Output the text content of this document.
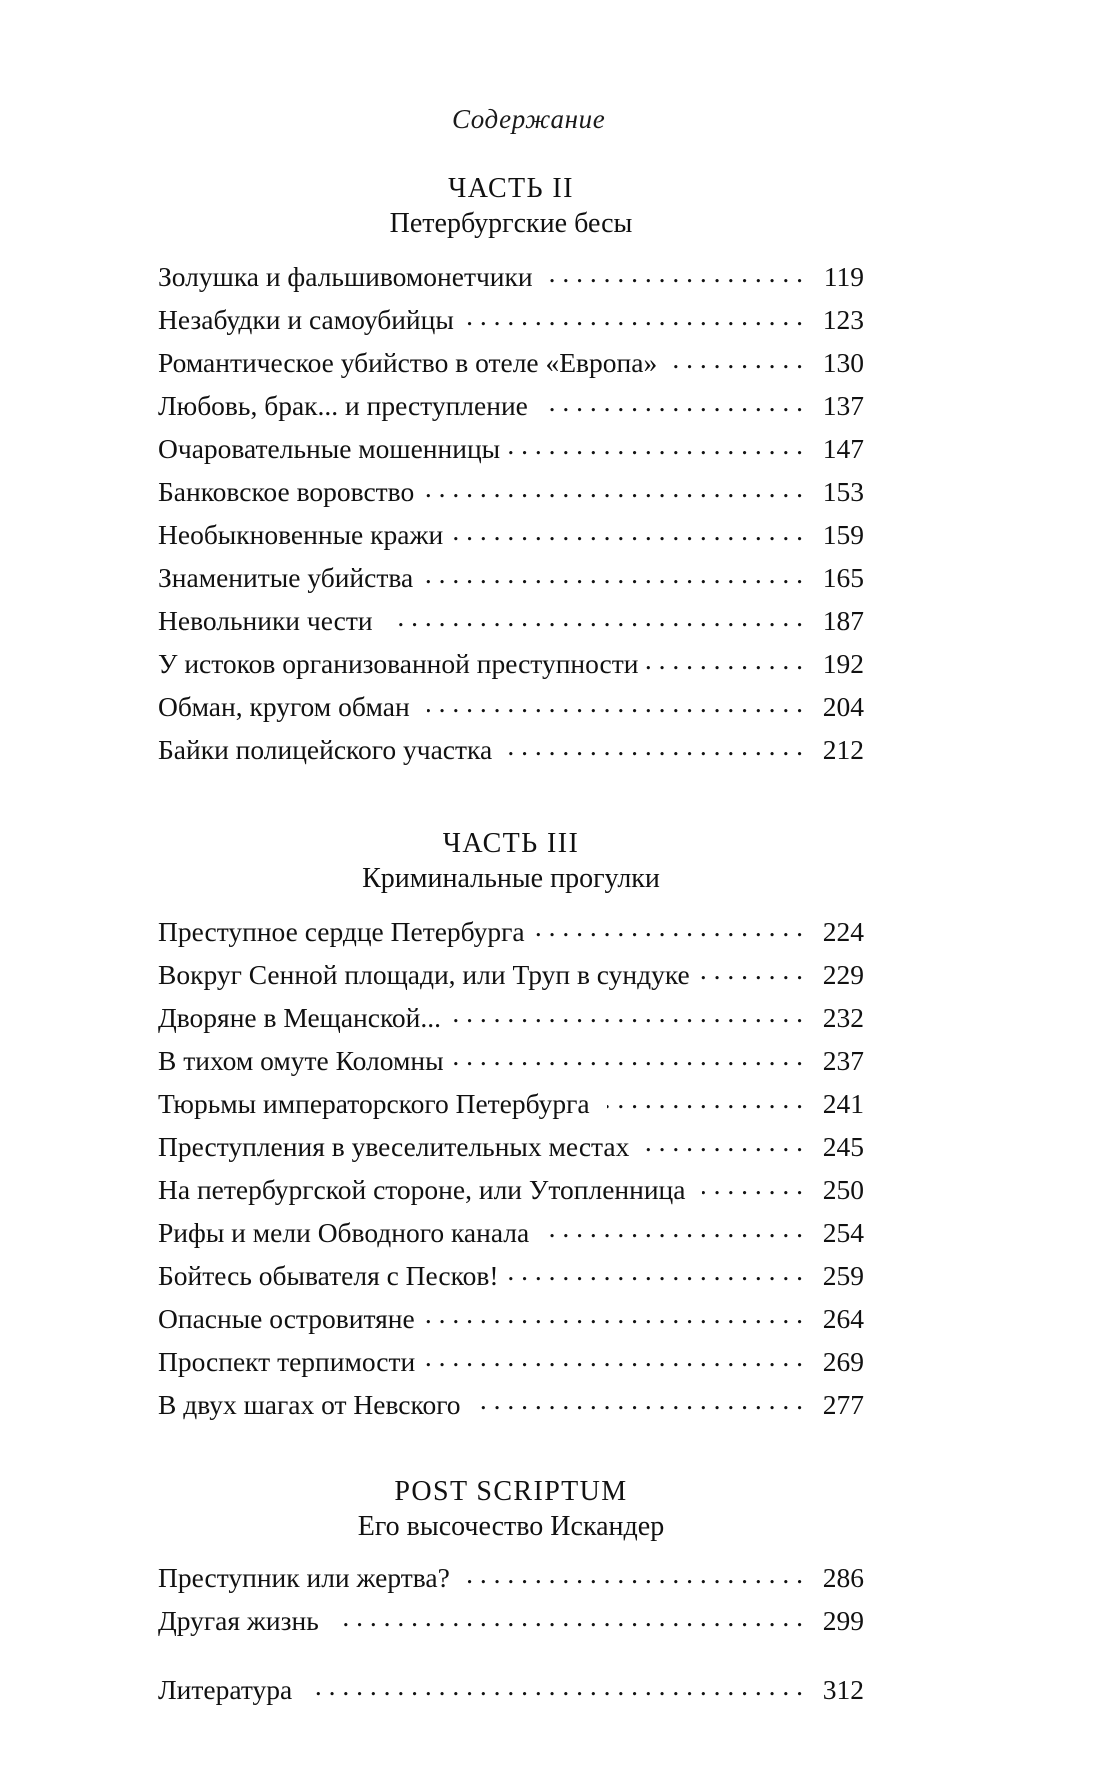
Содержание
ЧАСТЬ II
Петербургские бесы
Золушка и фальшивомонетчики . . .	119
Незабудки и самоубийцы . . .	123
Романтическое убийство в отеле «Европа» . . .	130
Любовь, брак... и преступление . . .	137
Очаровательные мошенницы . . .	147
Банковское воровство . . .	153
Необыкновенные кражи . . .	159
Знаменитые убийства . . .	165
Невольники чести . . .	187
У истоков организованной преступности . . .	192
Обман, кругом обман . . .	204
Байки полицейского участка . . .	212
ЧАСТЬ III
Криминальные прогулки
Преступное сердце Петербурга . . .	224
Вокруг Сенной площади, или Труп в сундуке . . .	229
Дворяне в Мещанской... . . .	232
В тихом омуте Коломны . . .	237
Тюрьмы императорского Петербурга . . .	241
Преступления в увеселительных местах . . .	245
На петербургской стороне, или Утопленница . . .	250
Рифы и мели Обводного канала . . .	254
Бойтесь обывателя с Песков! . . .	259
Опасные островитяне . . .	264
Проспект терпимости . . .	269
В двух шагах от Невского . . .	277
POST SCRIPTUM
Его высочество Искандер
Преступник или жертва? . . .	286
Другая жизнь . . .	299
Литература . . .	312
